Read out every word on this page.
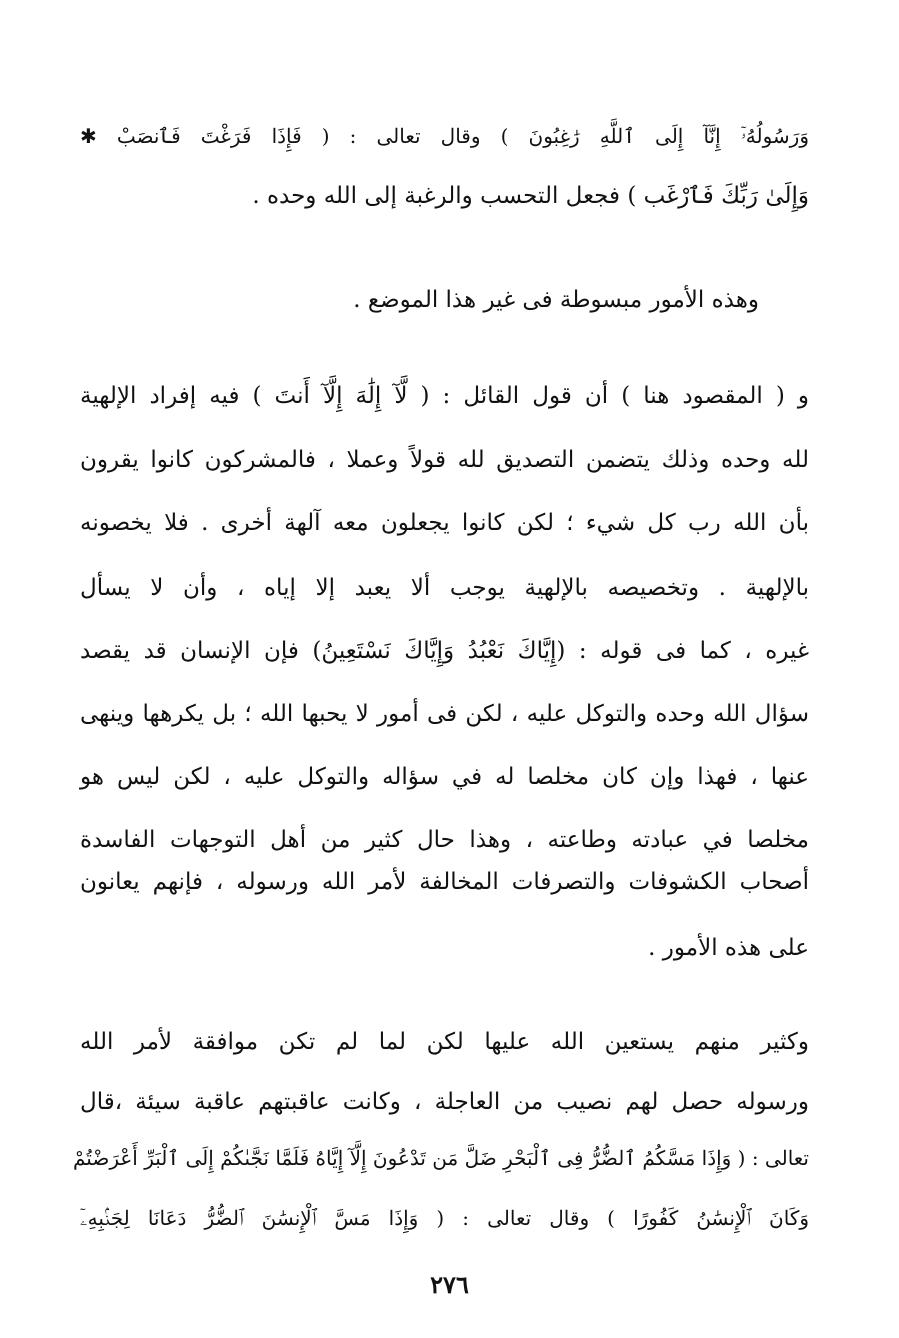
وَرَسُولُهُۥٓ إِنَّآ إِلَى ٱللَّهِ رَٰغِبُونَ ) وقال تعالى : ( فَإِذَا فَرَغْتَ فَٱنصَبْ ✱
وَإِلَىٰ رَبِّكَ فَٱرْغَب ) فجعل التحسب والرغبة إلى الله وحده .
وهذه الأمور مبسوطة فى غير هذا الموضع .
و ( المقصود هنا ) أن قول القائل : ( لَّآ إِلَٰهَ إِلَّآ أَنتَ ) فيه إفراد الإلهية
لله وحده وذلك يتضمن التصديق لله قولاً وعملا ، فالمشركون كانوا يقرون
بأن الله رب كل شيء ؛ لكن كانوا يجعلون معه آلهة أخرى . فلا يخصونه
بالإلهية . وتخصيصه بالإلهية يوجب ألا يعبد إلا إياه ، وأن لا يسأل
غيره ، كما فى قوله : (إِيَّاكَ نَعْبُدُ وَإِيَّاكَ نَسْتَعِينُ) فإن الإنسان قد يقصد
سؤال الله وحده والتوكل عليه ، لكن فى أمور لا يحبها الله ؛ بل يكرهها وينهى
عنها ، فهذا وإن كان مخلصا له في سؤاله والتوكل عليه ، لكن ليس هو
مخلصا في عبادته وطاعته ، وهذا حال كثير من أهل التوجهات الفاسدة
أصحاب الكشوفات والتصرفات المخالفة لأمر الله ورسوله ، فإنهم يعانون
على هذه الأمور .
وكثير منهم يستعين الله عليها لكن لما لم تكن موافقة لأمر الله
ورسوله حصل لهم نصيب من العاجلة ، وكانت عاقبتهم عاقبة سيئة ،قال
تعالى : ( وَإِذَا مَسَّكُمُ ٱلضُّرُّ فِى ٱلْبَحْرِ ضَلَّ مَن تَدْعُونَ إِلَّآ إِيَّاهُ فَلَمَّا نَجَّىٰكُمْ إِلَى ٱلْبَرِّ أَعْرَضْتُمْ
وَكَانَ ٱلْإِنسَٰنُ كَفُورًا ) وقال تعالى : ( وَإِذَا مَسَّ ٱلْإِنسَٰنَ ٱلضُّرُّ دَعَانَا لِجَنۢبِهِۦٓ
٢٧٦
